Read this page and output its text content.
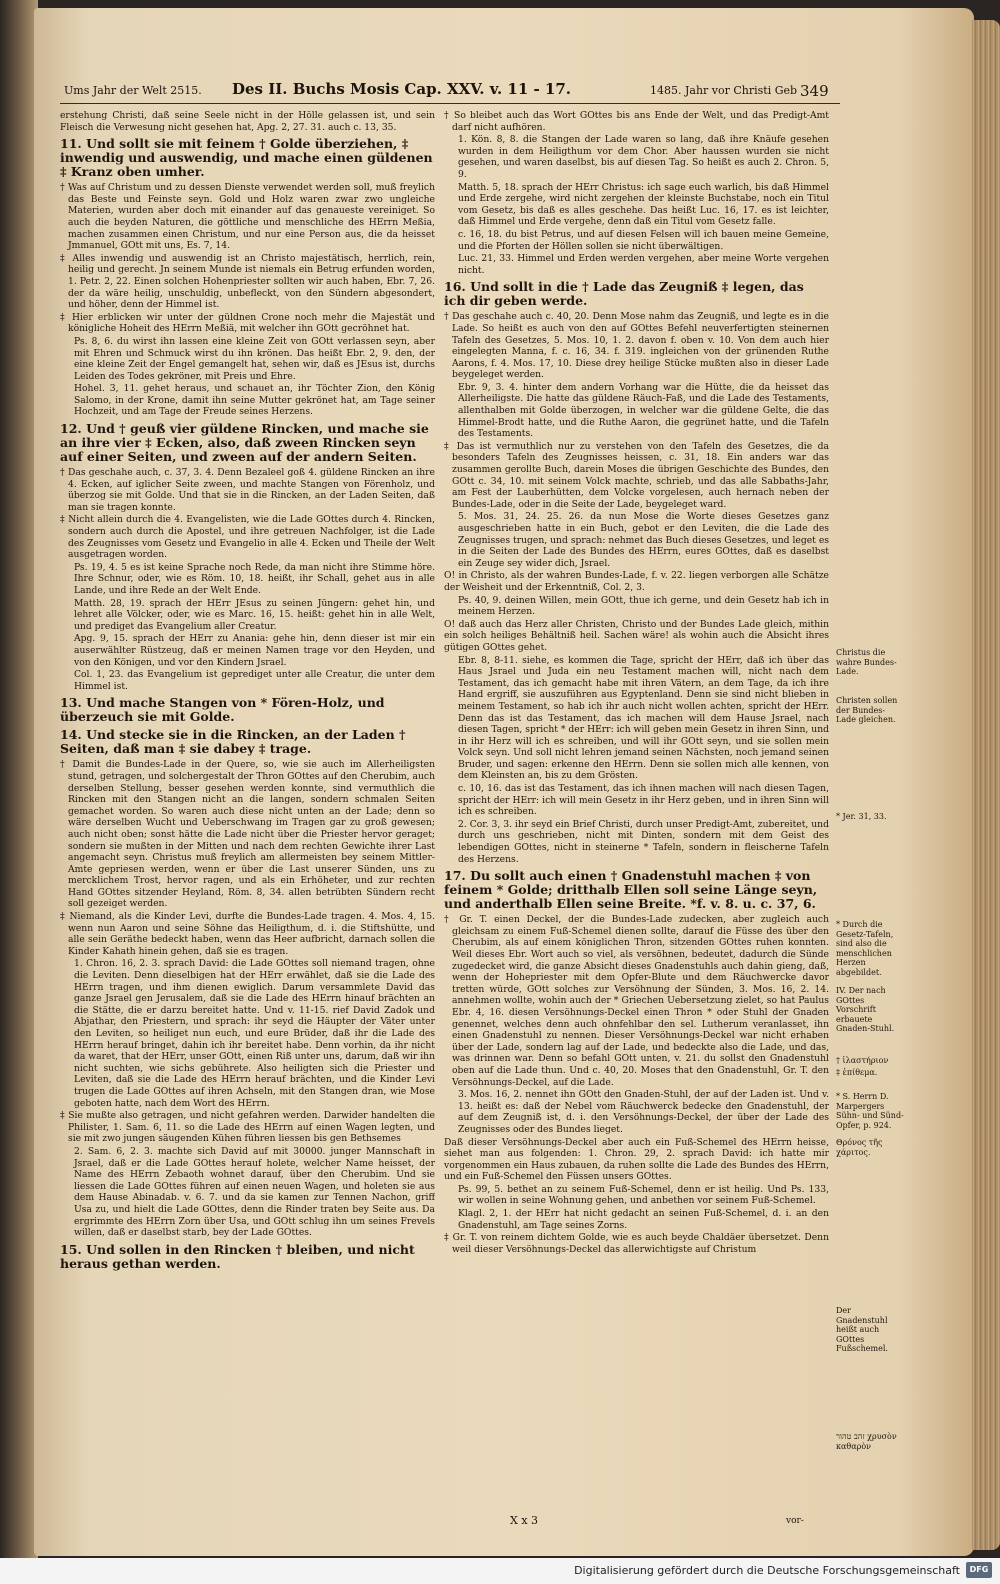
Ums Jahr der Welt 2515. Des II. Buchs Mosis Cap. XXV. v. 11 - 17.	1485. Jahr vor Christi Geb 349

erstehung Christi, daß seine Seele nicht in der Hölle gelassen ist, und sein Fleisch die Verwesung nicht gesehen hat, Apg. 2, 27. 31. auch c. 13, 35.

11. Und sollt sie mit feinem † Golde überziehen, ‡ inwendig und auswendig, und mache einen güldenen ‡ Kranz oben umher.

† Was auf Christum und zu dessen Dienste verwendet werden soll, muß freylich das Beste und Feinste seyn. Gold und Holz waren zwar zwo ungleiche Materien, wurden aber doch mit einander auf das genaueste vereiniget. So auch die beyden Naturen, die göttliche und menschliche des HErrn Meßia, machen zusammen einen Christum, und nur eine Person aus, die da heisset Jmmanuel, GOtt mit uns, Es. 7, 14.

‡ Alles inwendig und auswendig ist an Christo majestätisch, herrlich, rein, heilig und gerecht. Jn seinem Munde ist niemals ein Betrug erfunden worden, 1. Petr. 2, 22. Einen solchen Hohenpriester sollten wir auch haben, Ebr. 7, 26. der da wäre heilig, unschuldig, unbefleckt, von den Sündern abgesondert, und höher, denn der Himmel ist.

‡ Hier erblicken wir unter der güldnen Crone noch mehr die Majestät und königliche Hoheit des HErrn Meßiä, mit welcher ihn GOtt gecröhnet hat.

Ps. 8, 6. du wirst ihn lassen eine kleine Zeit von GOtt verlassen seyn, aber mit Ehren und Schmuck wirst du ihn krönen. Das heißt Ebr. 2, 9. den, der eine kleine Zeit der Engel gemangelt hat, sehen wir, daß es JEsus ist, durchs Leiden des Todes gekröner, mit Preis und Ehre.

Hohel. 3, 11. gehet heraus, und schauet an, ihr Töchter Zion, den König Salomo, in der Krone, damit ihn seine Mutter gekrönet hat, am Tage seiner Hochzeit, und am Tage der Freude seines Herzens.

12. Und † geuß vier güldene Rincken, und mache sie an ihre vier ‡ Ecken, also, daß zween Rincken seyn auf einer Seiten, und zween auf der andern Seiten.

† Das geschahe auch, c. 37, 3. 4. Denn Bezaleel goß 4. güldene Rincken an ihre 4. Ecken, auf iglicher Seite zween, und machte Stangen von Förenholz, und überzog sie mit Golde. Und that sie in die Rincken, an der Laden Seiten, daß man sie tragen konnte.

‡ Nicht allein durch die 4. Evangelisten, wie die Lade GOttes durch 4. Rincken, sondern auch durch die Apostel, und ihre getreuen Nachfolger, ist die Lade des Zeugnisses vom Gesetz und Evangelio in alle 4. Ecken und Theile der Welt ausgetragen worden.

Ps. 19, 4. 5 es ist keine Sprache noch Rede, da man nicht ihre Stimme höre. Ihre Schnur, oder, wie es Röm. 10, 18. heißt, ihr Schall, gehet aus in alle Lande, und ihre Rede an der Welt Ende.

Matth. 28, 19. sprach der HErr JEsus zu seinen Jüngern: gehet hin, und lehret alle Völcker, oder, wie es Marc. 16, 15. heißt: gehet hin in alle Welt, und prediget das Evangelium aller Creatur.

Apg. 9, 15. sprach der HErr zu Anania: gehe hin, denn dieser ist mir ein auserwählter Rüstzeug, daß er meinen Namen trage vor den Heyden, und von den Königen, und vor den Kindern Jsrael.

Col. 1, 23. das Evangelium ist geprediget unter alle Creatur, die unter dem Himmel ist.

13. Und mache Stangen von * Fören-Holz, und überzeuch sie mit Golde.

14. Und stecke sie in die Rincken, an der Laden † Seiten, daß man ‡ sie dabey ‡ trage.

† Damit die Bundes-Lade in der Quere, so, wie sie auch im Allerheiligsten stund, getragen, und solchergestalt der Thron GOttes auf den Cherubim, auch derselben Stellung, besser gesehen werden konnte, sind vermuthlich die Rincken mit den Stangen nicht an die langen, sondern schmalen Seiten gemachet worden. So waren auch diese nicht unten an der Lade; denn so wäre derselben Wucht und Ueberschwang im Tragen gar zu groß gewesen; auch nicht oben; sonst hätte die Lade nicht über die Priester hervor geraget; sondern sie mußten in der Mitten und nach dem rechten Gewichte ihrer Last angemacht seyn. Christus muß freylich am allermeisten bey seinem Mittler-Amte gepriesen werden, wenn er über die Last unserer Sünden, uns zu mercklichem Trost, hervor ragen, und als ein Erhöheter, und zur rechten Hand GOttes sitzender Heyland, Röm. 8, 34. allen betrübten Sündern recht soll gezeiget werden.

‡ Niemand, als die Kinder Levi, durfte die Bundes-Lade tragen. 4. Mos. 4, 15. wenn nun Aaron und seine Söhne das Heiligthum, d. i. die Stiftshütte, und alle sein Geräthe bedeckt haben, wenn das Heer aufbricht, darnach sollen die Kinder Kahath hinein gehen, daß sie es tragen.

1. Chron. 16, 2. 3. sprach David: die Lade GOttes soll niemand tragen, ohne die Leviten. Denn dieselbigen hat der HErr erwählet, daß sie die Lade des HErrn tragen, und ihm dienen ewiglich. Darum versammlete David das ganze Jsrael gen Jerusalem, daß sie die Lade des HErrn hinauf brächten an die Stätte, die er darzu bereitet hatte. Und v. 11-15. rief David Zadok und Abjathar, den Priestern, und sprach: ihr seyd die Häupter der Väter unter den Leviten, so heiliget nun euch, und eure Brüder, daß ihr die Lade des HErrn herauf bringet, dahin ich ihr bereitet habe. Denn vorhin, da ihr nicht da waret, that der HErr, unser GOtt, einen Riß unter uns, darum, daß wir ihn nicht suchten, wie sichs gebührete. Also heiligten sich die Priester und Leviten, daß sie die Lade des HErrn herauf brächten, und die Kinder Levi trugen die Lade GOttes auf ihren Achseln, mit den Stangen dran, wie Mose geboten hatte, nach dem Wort des HErrn.

‡ Sie mußte also getragen, und nicht gefahren werden. Darwider handelten die Philister, 1. Sam. 6, 11. so die Lade des HErrn auf einen Wagen legten, und sie mit zwo jungen säugenden Kühen führen liessen bis gen Bethsemes

2. Sam. 6, 2. 3. machte sich David auf mit 30000. junger Mannschaft in Jsrael, daß er die Lade GOttes herauf holete, welcher Name heisset, der Name des HErrn Zebaoth wohnet darauf, über den Cherubim. Und sie liessen die Lade GOttes führen auf einen neuen Wagen, und holeten sie aus dem Hause Abinadab. v. 6. 7. und da sie kamen zur Tennen Nachon, griff Usa zu, und hielt die Lade GOttes, denn die Rinder traten bey Seite aus. Da ergrimmte des HErrn Zorn über Usa, und GOtt schlug ihn um seines Frevels willen, daß er daselbst starb, bey der Lade GOttes.

15. Und sollen in den Rincken † bleiben, und nicht heraus gethan werden.

† So bleibet auch das Wort GOttes bis ans Ende der Welt, und das Predigt-Amt darf nicht aufhören.

1. Kön. 8, 8. die Stangen der Lade waren so lang, daß ihre Knäufe gesehen wurden in dem Heiligthum vor dem Chor. Aber haussen wurden sie nicht gesehen, und waren daselbst, bis auf diesen Tag. So heißt es auch 2. Chron. 5, 9.

Matth. 5, 18. sprach der HErr Christus: ich sage euch warlich, bis daß Himmel und Erde zergehe, wird nicht zergehen der kleinste Buchstabe, noch ein Titul vom Gesetz, bis daß es alles geschehe. Das heißt Luc. 16, 17. es ist leichter, daß Himmel und Erde vergehe, denn daß ein Titul vom Gesetz falle.

c. 16, 18. du bist Petrus, und auf diesen Felsen will ich bauen meine Gemeine, und die Pforten der Höllen sollen sie nicht überwältigen.

Luc. 21, 33. Himmel und Erden werden vergehen, aber meine Worte vergehen nicht.

16. Und sollt in die † Lade das Zeugniß ‡ legen, das ich dir geben werde.

† Das geschahe auch c. 40, 20. Denn Mose nahm das Zeugniß, und legte es in die Lade. So heißt es auch von den auf GOttes Befehl neuverfertigten steinernen Tafeln des Gesetzes, 5. Mos. 10, 1. 2. davon f. oben v. 10. Von dem auch hier eingelegten Manna, f. c. 16, 34. f. 319. ingleichen von der grünenden Ruthe Aarons, f. 4. Mos. 17, 10. Diese drey heilige Stücke mußten also in dieser Lade beygeleget werden.

Ebr. 9, 3. 4. hinter dem andern Vorhang war die Hütte, die da heisset das Allerheiligste. Die hatte das güldene Räuch-Faß, und die Lade des Testaments, allenthalben mit Golde überzogen, in welcher war die güldene Gelte, die das Himmel-Brodt hatte, und die Ruthe Aaron, die gegrünet hatte, und die Tafeln des Testaments.

‡ Das ist vermuthlich nur zu verstehen von den Tafeln des Gesetzes, die da besonders Tafeln des Zeugnisses heissen, c. 31, 18. Ein anders war das zusammen gerollte Buch, darein Moses die übrigen Geschichte des Bundes, den GOtt c. 34, 10. mit seinem Volck machte, schrieb, und das alle Sabbaths-Jahr, am Fest der Lauberhütten, dem Volcke vorgelesen, auch hernach neben der Bundes-Lade, oder in die Seite der Lade, beygeleget ward.

5. Mos. 31, 24. 25. 26. da nun Mose die Worte dieses Gesetzes ganz ausgeschrieben hatte in ein Buch, gebot er den Leviten, die die Lade des Zeugnisses trugen, und sprach: nehmet das Buch dieses Gesetzes, und leget es in die Seiten der Lade des Bundes des HErrn, eures GOttes, daß es daselbst ein Zeuge sey wider dich, Jsrael.

O! in Christo, als der wahren Bundes-Lade, f. v. 22. liegen verborgen alle Schätze der Weisheit und der Erkenntniß, Col. 2, 3.

Ps. 40, 9. deinen Willen, mein GOtt, thue ich gerne, und dein Gesetz hab ich in meinem Herzen.

O! daß auch das Herz aller Christen, Christo und der Bundes Lade gleich, mithin ein solch heiliges Behältniß heil. Sachen wäre! als wohin auch die Absicht ihres gütigen GOttes gehet.

Ebr. 8, 8-11. siehe, es kommen die Tage, spricht der HErr, daß ich über das Haus Jsrael und Juda ein neu Testament machen will, nicht nach dem Testament, das ich gemacht habe mit ihren Vätern, an dem Tage, da ich ihre Hand ergriff, sie auszuführen aus Egyptenland. Denn sie sind nicht blieben in meinem Testament, so hab ich ihr auch nicht wollen achten, spricht der HErr. Denn das ist das Testament, das ich machen will dem Hause Jsrael, nach diesen Tagen, spricht * der HErr: ich will geben mein Gesetz in ihren Sinn, und in ihr Herz will ich es schreiben, und will ihr GOtt seyn, und sie sollen mein Volck seyn. Und soll nicht lehren jemand seinen Nächsten, noch jemand seinen Bruder, und sagen: erkenne den HErrn. Denn sie sollen mich alle kennen, von dem Kleinsten an, bis zu dem Grösten.

c. 10, 16. das ist das Testament, das ich ihnen machen will nach diesen Tagen, spricht der HErr: ich will mein Gesetz in ihr Herz geben, und in ihren Sinn will ich es schreiben.

2. Cor. 3, 3. ihr seyd ein Brief Christi, durch unser Predigt-Amt, zubereitet, und durch uns geschrieben, nicht mit Dinten, sondern mit dem Geist des lebendigen GOttes, nicht in steinerne * Tafeln, sondern in fleischerne Tafeln des Herzens.

17. Du sollt auch einen † Gnadenstuhl machen ‡ von feinem * Golde; dritthalb Ellen soll seine Länge seyn, und anderthalb Ellen seine Breite. *f. v. 8. u. c. 37, 6.

† Gr. T. einen Deckel, der die Bundes-Lade zudecken, aber zugleich auch gleichsam zu einem Fuß-Schemel dienen sollte, darauf die Füsse des über den Cherubim, als auf einem königlichen Thron, sitzenden GOttes ruhen konnten. Weil dieses Ebr. Wort auch so viel, als versöhnen, bedeutet, dadurch die Sünde zugedecket wird, die ganze Absicht dieses Gnadenstuhls auch dahin gieng, daß, wenn der Hohepriester mit dem Opfer-Blute und dem Räuchwercke davor tretten würde, GOtt solches zur Versöhnung der Sünden, 3. Mos. 16, 2. 14. annehmen wollte, wohin auch der * Griechen Uebersetzung zielet, so hat Paulus Ebr. 4, 16. diesen Versöhnungs-Deckel einen Thron * oder Stuhl der Gnaden genennet, welches denn auch ohnfehlbar den sel. Lutherum veranlasset, ihn einen Gnadenstuhl zu nennen. Dieser Versöhnungs-Deckel war nicht erhaben über der Lade, sondern lag auf der Lade, und bedeckte also die Lade, und das, was drinnen war. Denn so befahl GOtt unten, v. 21. du sollst den Gnadenstuhl oben auf die Lade thun. Und c. 40, 20. Moses that den Gnadenstuhl, Gr. T. den Versöhnungs-Deckel, auf die Lade.

3. Mos. 16, 2. nennet ihn GOtt den Gnaden-Stuhl, der auf der Laden ist. Und v. 13. heißt es: daß der Nebel vom Räuchwerck bedecke den Gnadenstuhl, der auf dem Zeugniß ist, d. i. den Versöhnungs-Deckel, der über der Lade des Zeugnisses oder des Bundes lieget.

Daß dieser Versöhnungs-Deckel aber auch ein Fuß-Schemel des HErrn heisse, siehet man aus folgenden: 1. Chron. 29, 2. sprach David: ich hatte mir vorgenommen ein Haus zubauen, da ruhen sollte die Lade des Bundes des HErrn, und ein Fuß-Schemel den Füssen unsers GOttes.

Ps. 99, 5. bethet an zu seinem Fuß-Schemel, denn er ist heilig. Und Ps. 133, wir wollen in seine Wohnung gehen, und anbethen vor seinem Fuß-Schemel.

Klagl. 2, 1. der HErr hat nicht gedacht an seinen Fuß-Schemel, d. i. an den Gnadenstuhl, am Tage seines Zorns.

‡ Gr. T. von reinem dichtem Golde, wie es auch beyde Chaldäer übersetzet. Denn weil dieser Versöhnungs-Deckel das allerwichtigste auf Christum

Christus die wahre Bundes-Lade.
Christen sollen der Bundes-Lade gleichen.
* Jer. 31, 33.
* Durch die Gesetz-Tafeln, sind also die menschlichen Herzen abgebildet.
IV. Der nach GOttes Vorschrift erbauete Gnaden-Stuhl.
† ἱλαστήριον
‡ ἐπίθεμα.
* S. Herrn D. Marpergers Sühn- und Sünd-Opfer, p. 924.
Θρόνος τῆς χάριτος.
Der Gnadenstuhl heißt auch GOttes Fußschemel.
זהב טהור χρυσὸν καθαρὸν
X x 3	vor-
Digitalisierung gefördert durch die Deutsche Forschungsgemeinschaft	DFG
